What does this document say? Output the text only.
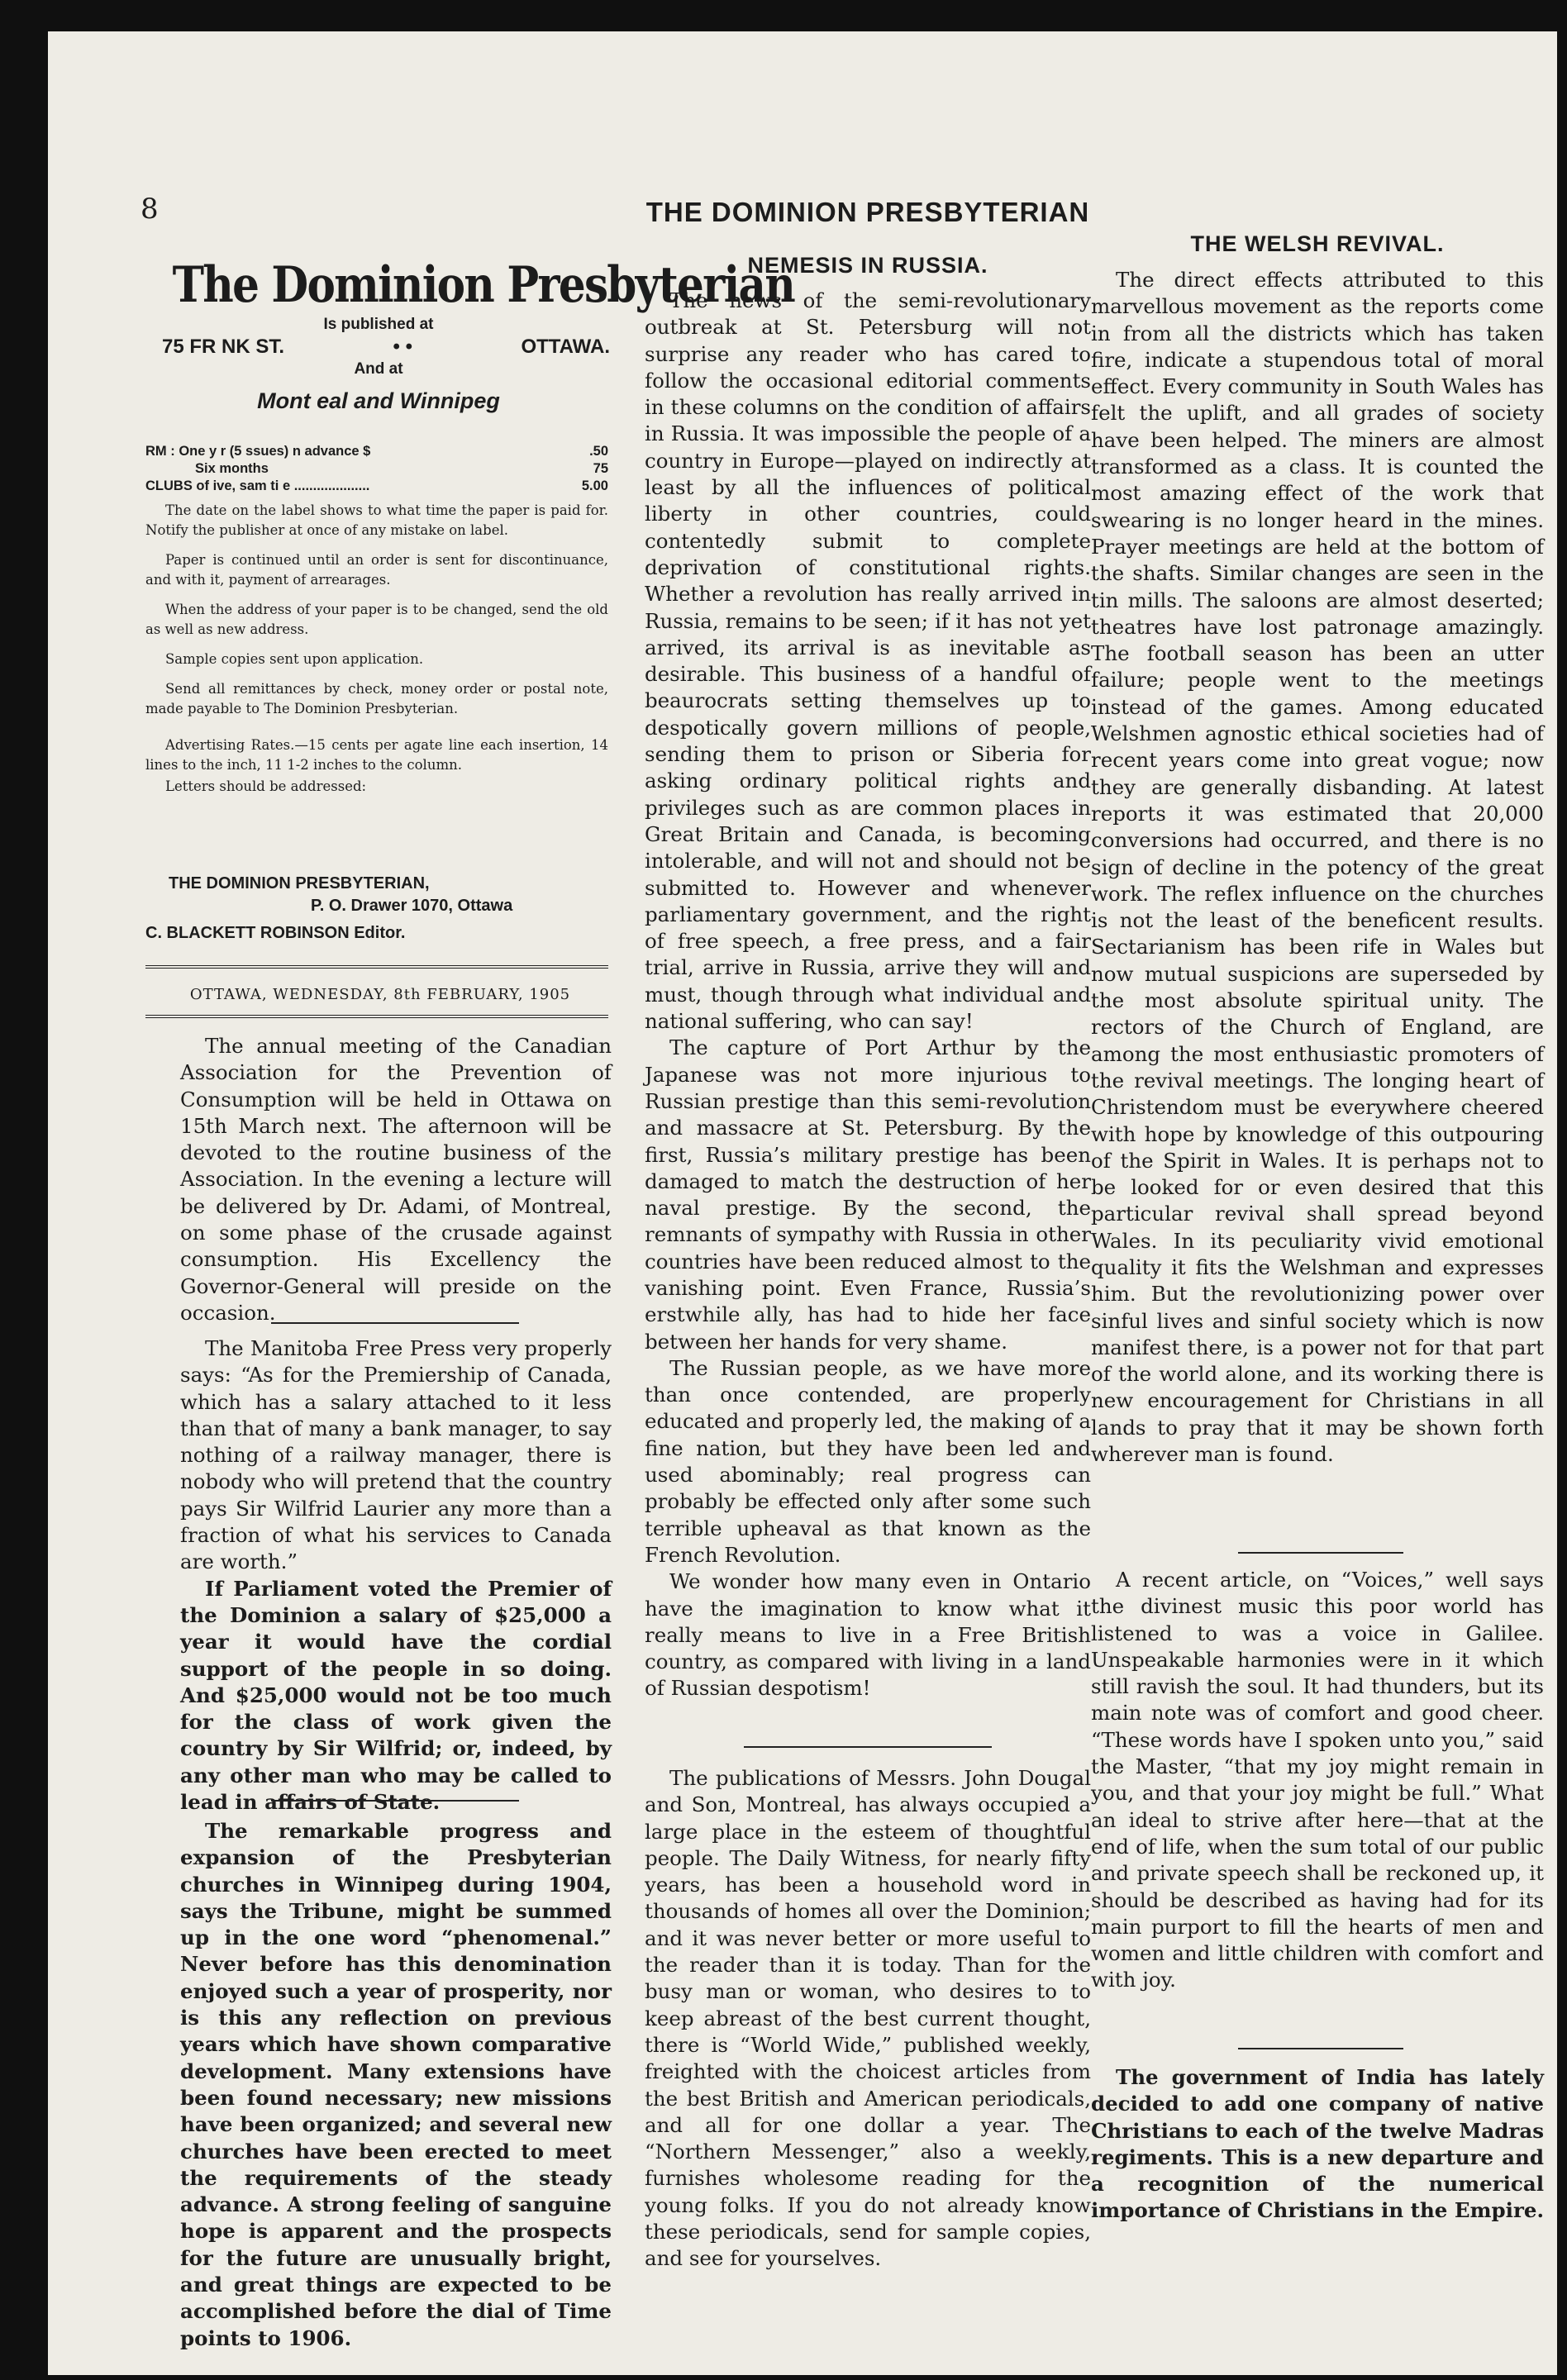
8	THE DOMINION PRESBYTERIAN
The Dominion Presbyterian
Is published at
75 FR NK ST.	• •	OTTAWA.
And at
Mont eal and Winnipeg
RM : One y r (5 ssues) n advance $	.50
Six months	75
CLUBS of ive, sam ti e ....................	5.00

The date on the label shows to what time the paper is paid for. Notify the publisher at once of any mistake on label.

Paper is continued until an order is sent for discontinuance, and with it, payment of arrearages.

When the address of your paper is to be changed, send the old as well as new address.

Sample copies sent upon application.

Send all remittances by check, money order or postal note, made payable to The Dominion Presbyterian.

Advertising Rates.—15 cents per agate line each insertion, 14 lines to the inch, 11 1-2 inches to the column.

Letters should be addressed:

THE DOMINION PRESBYTERIAN,
P. O. Drawer 1070, Ottawa
C. BLACKETT ROBINSON Editor.
OTTAWA, WEDNESDAY, 8th FEBRUARY, 1905

The annual meeting of the Canadian Association for the Prevention of Consumption will be held in Ottawa on 15th March next. The afternoon will be devoted to the routine business of the Association. In the evening a lecture will be delivered by Dr. Adami, of Montreal, on some phase of the crusade against consumption. His Excellency the Governor-General will preside on the occasion.

The Manitoba Free Press very properly says: “As for the Premiership of Canada, which has a salary attached to it less than that of many a bank manager, to say nothing of a railway manager, there is nobody who will pretend that the country pays Sir Wilfrid Laurier any more than a fraction of what his services to Canada are worth.”

If Parliament voted the Premier of the Dominion a salary of $25,000 a year it would have the cordial support of the people in so doing. And $25,000 would not be too much for the class of work given the country by Sir Wilfrid; or, indeed, by any other man who may be called to lead in affairs of State.

The remarkable progress and expansion of the Presbyterian churches in Winnipeg during 1904, says the Tribune, might be summed up in the one word “phenomenal.” Never before has this denomination enjoyed such a year of prosperity, nor is this any reflection on previous years which have shown comparative development. Many extensions have been found necessary; new missions have been organized; and several new churches have been erected to meet the requirements of the steady advance. A strong feeling of sanguine hope is apparent and the prospects for the future are unusually bright, and great things are expected to be accomplished before the dial of Time points to 1906.

NEMESIS IN RUSSIA.

The news of the semi-revolutionary outbreak at St. Petersburg will not surprise any reader who has cared to follow the occasional editorial comments in these columns on the condition of affairs in Russia. It was impossible the people of a country in Europe—played on indirectly at least by all the influences of political liberty in other countries, could contentedly submit to complete deprivation of constitutional rights. Whether a revolution has really arrived in Russia, remains to be seen; if it has not yet arrived, its arrival is as inevitable as desirable. This business of a handful of beaurocrats setting themselves up to despotically govern millions of people, sending them to prison or Siberia for asking ordinary political rights and privileges such as are common places in Great Britain and Canada, is becoming intolerable, and will not and should not be submitted to. However and whenever parliamentary government, and the right of free speech, a free press, and a fair trial, arrive in Russia, arrive they will and must, though through what individual and national suffering, who can say!

The capture of Port Arthur by the Japanese was not more injurious to Russian prestige than this semi-revolution and massacre at St. Petersburg. By the first, Russia’s military prestige has been damaged to match the destruction of her naval prestige. By the second, the remnants of sympathy with Russia in other countries have been reduced almost to the vanishing point. Even France, Russia’s erstwhile ally, has had to hide her face between her hands for very shame.

The Russian people, as we have more than once contended, are properly educated and properly led, the making of a fine nation, but they have been led and used abominably; real progress can probably be effected only after some such terrible upheaval as that known as the French Revolution.

We wonder how many even in Ontario have the imagination to know what it really means to live in a Free British country, as compared with living in a land of Russian despotism!

The publications of Messrs. John Dougal and Son, Montreal, has always occupied a large place in the esteem of thoughtful people. The Daily Witness, for nearly fifty years, has been a household word in thousands of homes all over the Dominion; and it was never better or more useful to the reader than it is today. Than for the busy man or woman, who desires to to keep abreast of the best current thought, there is “World Wide,” published weekly, freighted with the choicest articles from the best British and American periodicals, and all for one dollar a year. The “Northern Messenger,” also a weekly, furnishes wholesome reading for the young folks. If you do not already know these periodicals, send for sample copies, and see for yourselves.

THE WELSH REVIVAL.

The direct effects attributed to this marvellous movement as the reports come in from all the districts which has taken fire, indicate a stupendous total of moral effect. Every community in South Wales has felt the uplift, and all grades of society have been helped. The miners are almost transformed as a class. It is counted the most amazing effect of the work that swearing is no longer heard in the mines. Prayer meetings are held at the bottom of the shafts. Similar changes are seen in the tin mills. The saloons are almost deserted; theatres have lost patronage amazingly. The football season has been an utter failure; people went to the meetings instead of the games. Among educated Welshmen agnostic ethical societies had of recent years come into great vogue; now they are generally disbanding. At latest reports it was estimated that 20,000 conversions had occurred, and there is no sign of decline in the potency of the great work. The reflex influence on the churches is not the least of the beneficent results. Sectarianism has been rife in Wales but now mutual suspicions are superseded by the most absolute spiritual unity. The rectors of the Church of England, are among the most enthusiastic promoters of the revival meetings. The longing heart of Christendom must be everywhere cheered with hope by knowledge of this outpouring of the Spirit in Wales. It is perhaps not to be looked for or even desired that this particular revival shall spread beyond Wales. In its peculiarity vivid emotional quality it fits the Welshman and expresses him. But the revolutionizing power over sinful lives and sinful society which is now manifest there, is a power not for that part of the world alone, and its working there is new encouragement for Christians in all lands to pray that it may be shown forth wherever man is found.

A recent article, on “Voices,” well says the divinest music this poor world has listened to was a voice in Galilee. Unspeakable harmonies were in it which still ravish the soul. It had thunders, but its main note was of comfort and good cheer. “These words have I spoken unto you,” said the Master, “that my joy might remain in you, and that your joy might be full.” What an ideal to strive after here—that at the end of life, when the sum total of our public and private speech shall be reckoned up, it should be described as having had for its main purport to fill the hearts of men and women and little children with comfort and with joy.

The government of India has lately decided to add one company of native Christians to each of the twelve Madras regiments. This is a new departure and a recognition of the numerical importance of Christians in the Empire.
